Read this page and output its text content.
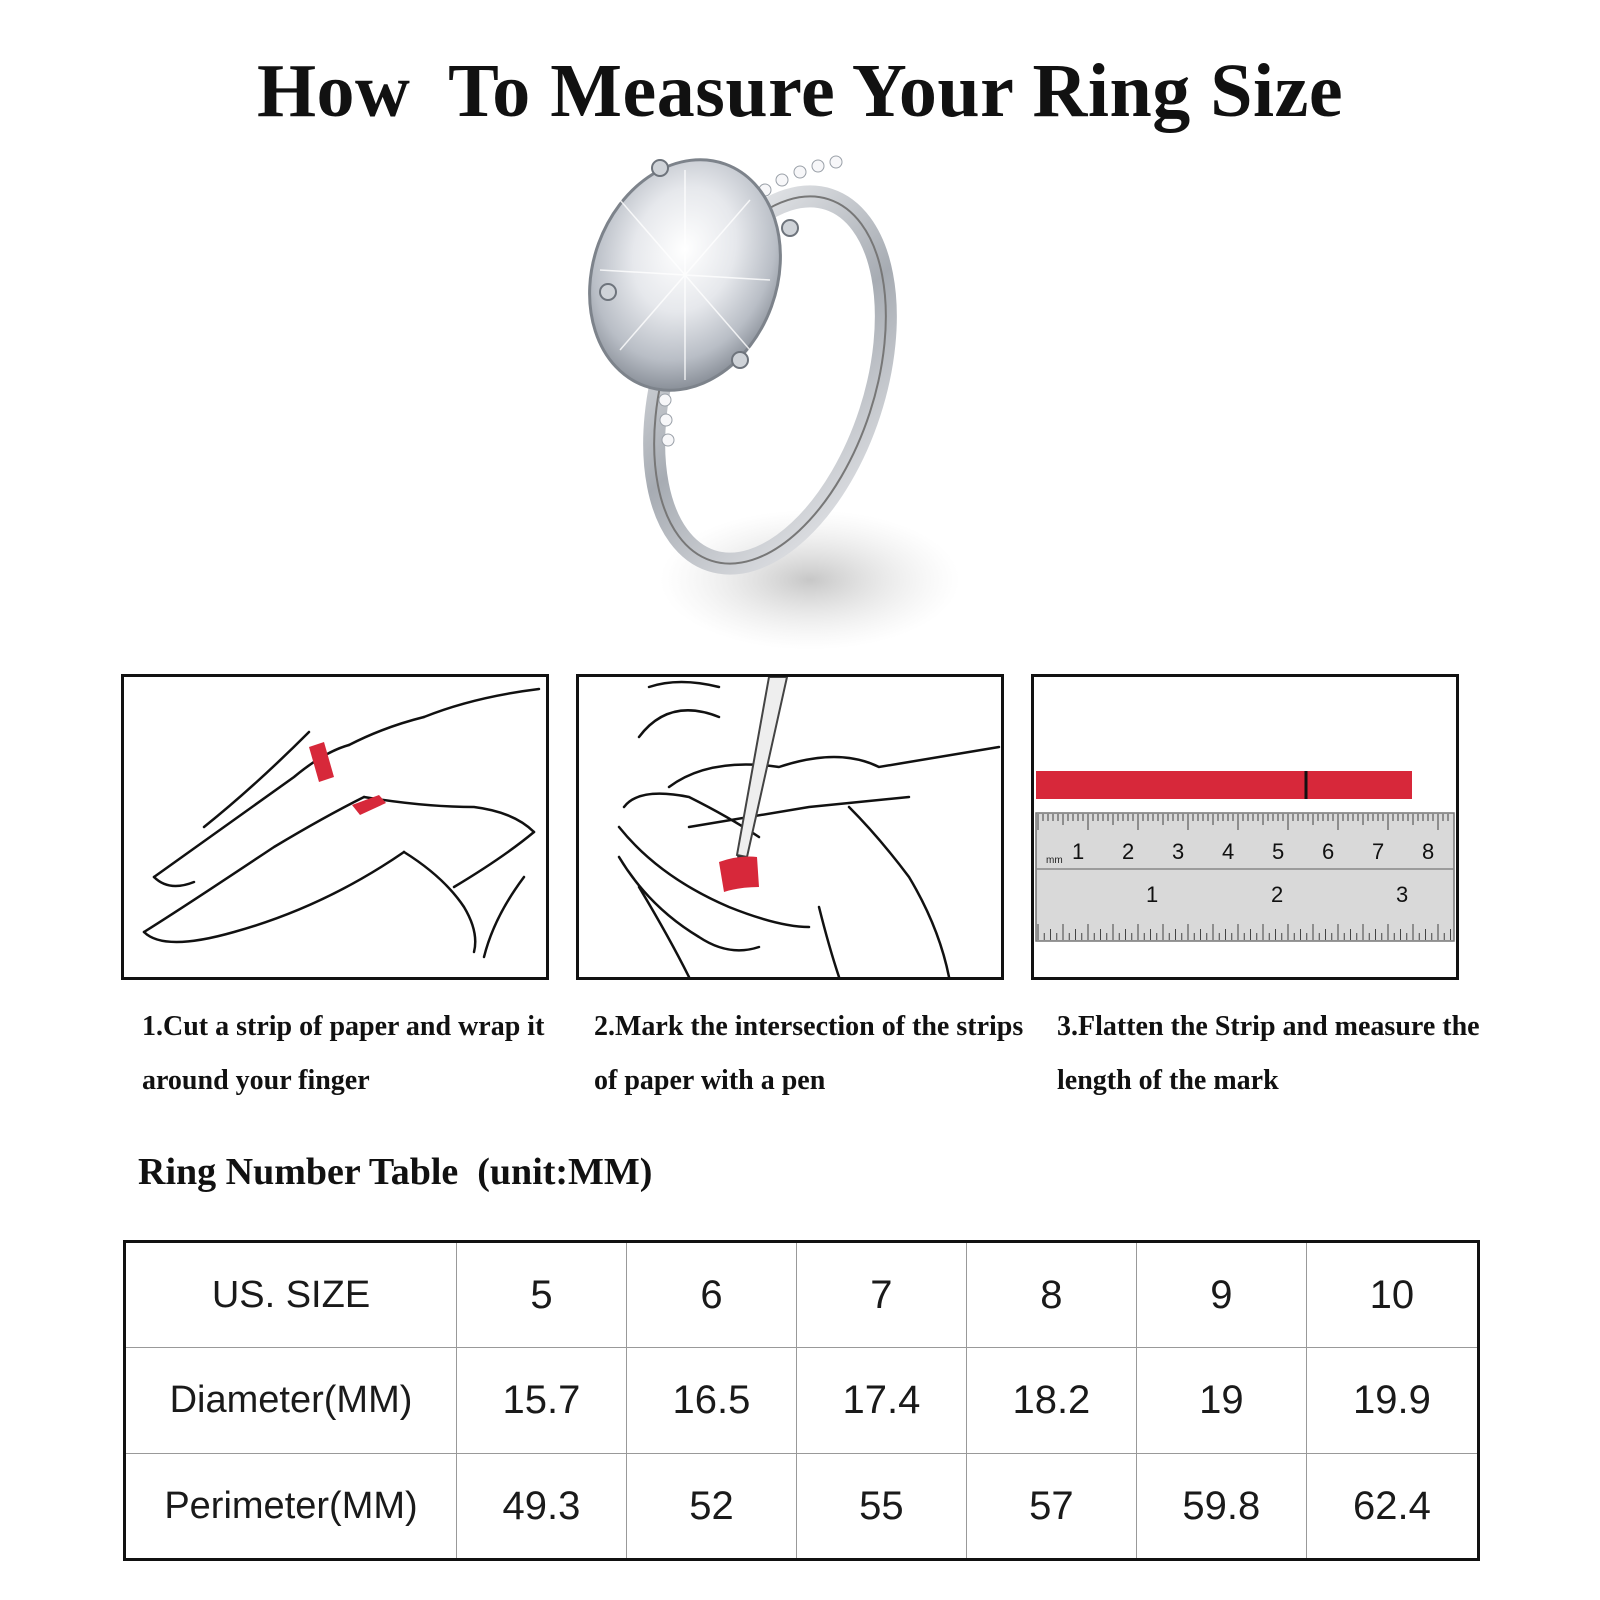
How  To Measure Your Ring Size
mm 1 2 3 4 5 6 7 8
1	2	3

1.Cut a strip of paper and wrap it around your finger

2.Mark the intersection of the strips of paper with a pen

3.Flatten the Strip and measure the length of the mark

Ring Number Table  (unit:MM)
US. SIZE	5	6	7	8	9	10
Diameter(MM)	15.7	16.5	17.4	18.2	19	19.9
Perimeter(MM)	49.3	52	55	57	59.8	62.4
